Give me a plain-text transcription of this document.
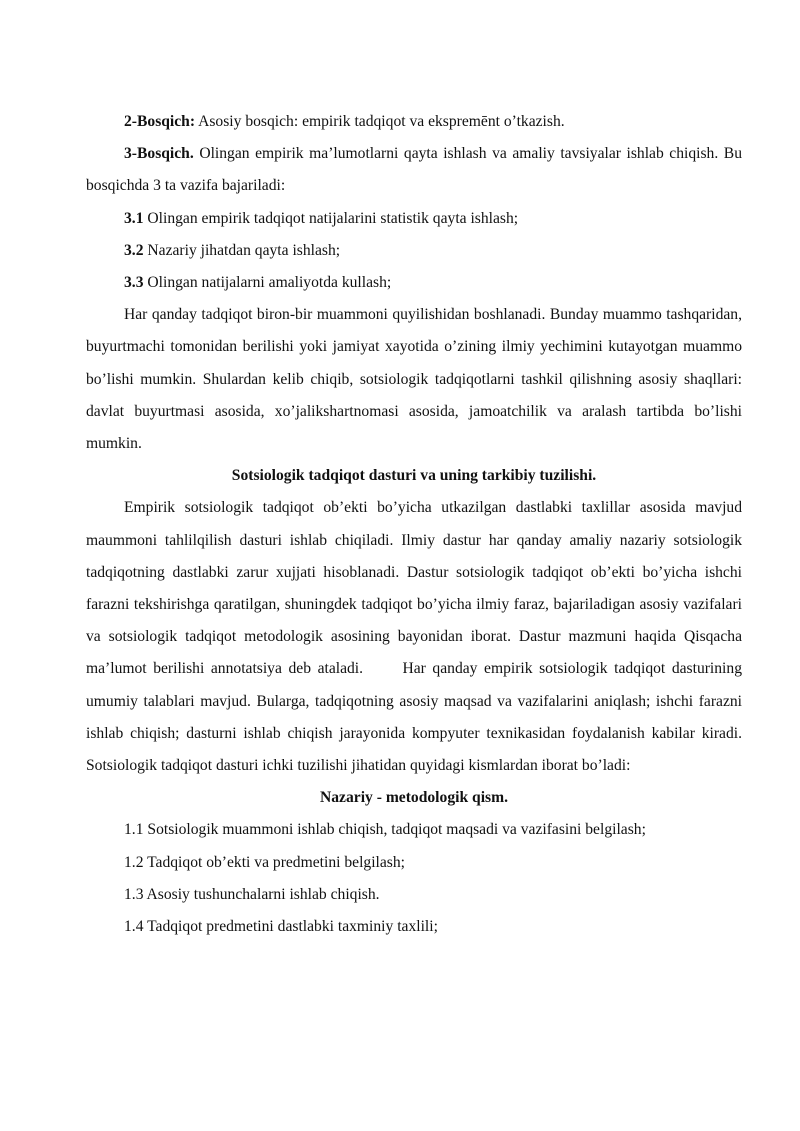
2-Bosqich: Asosiy bosqich: empirik tadqiqot va ekspremēnt o’tkazish.

3-Bosqich. Olingan empirik ma’lumotlarni qayta ishlash va amaliy tavsiyalar ishlab chiqish. Bu bosqichda 3 ta vazifa bajariladi:

3.1 Olingan empirik tadqiqot natijalarini statistik qayta ishlash;

3.2 Nazariy jihatdan qayta ishlash;

3.3 Olingan natijalarni amaliyotda kullash;

Har qanday tadqiqot biron-bir muammoni quyilishidan boshlanadi. Bunday muammo tashqaridan, buyurtmachi tomonidan berilishi yoki jamiyat xayotida o’zining ilmiy yechimini kutayotgan muammo bo’lishi mumkin. Shulardan kelib chiqib, sotsiologik tadqiqotlarni tashkil qilishning asosiy shaqllari: davlat buyurtmasi asosida, xo’jalikshartnomasi asosida, jamoatchilik va aralash tartibda bo’lishi mumkin.

Sotsiologik tadqiqot dasturi va uning tarkibiy tuzilishi.

Empirik sotsiologik tadqiqot ob’ekti bo’yicha utkazilgan dastlabki taxlillar asosida mavjud maummoni tahlilqilish dasturi ishlab chiqiladi. Ilmiy dastur har qanday amaliy nazariy sotsiologik tadqiqotning dastlabki zarur xujjati hisoblanadi. Dastur sotsiologik tadqiqot ob’ekti bo’yicha ishchi farazni tekshirishga qaratilgan, shuningdek tadqiqot bo’yicha ilmiy faraz, bajariladigan asosiy vazifalari va sotsiologik tadqiqot metodologik asosining bayonidan iborat. Dastur mazmuni haqida Qisqacha ma’lumot berilishi annotatsiya deb ataladi.      Har qanday empirik sotsiologik tadqiqot dasturining umumiy talablari mavjud. Bularga, tadqiqotning asosiy maqsad va vazifalarini aniqlash; ishchi farazni ishlab chiqish; dasturni ishlab chiqish jarayonida kompyuter texnikasidan foydalanish kabilar kiradi.      Sotsiologik tadqiqot dasturi ichki tuzilishi jihatidan quyidagi kismlardan iborat bo’ladi:

Nazariy - metodologik qism.

1.1 Sotsiologik muammoni ishlab chiqish, tadqiqot maqsadi va vazifasini belgilash;

1.2 Tadqiqot ob’ekti va predmetini belgilash;

1.3 Asosiy tushunchalarni ishlab chiqish.

1.4 Tadqiqot predmetini dastlabki taxminiy taxlili;
